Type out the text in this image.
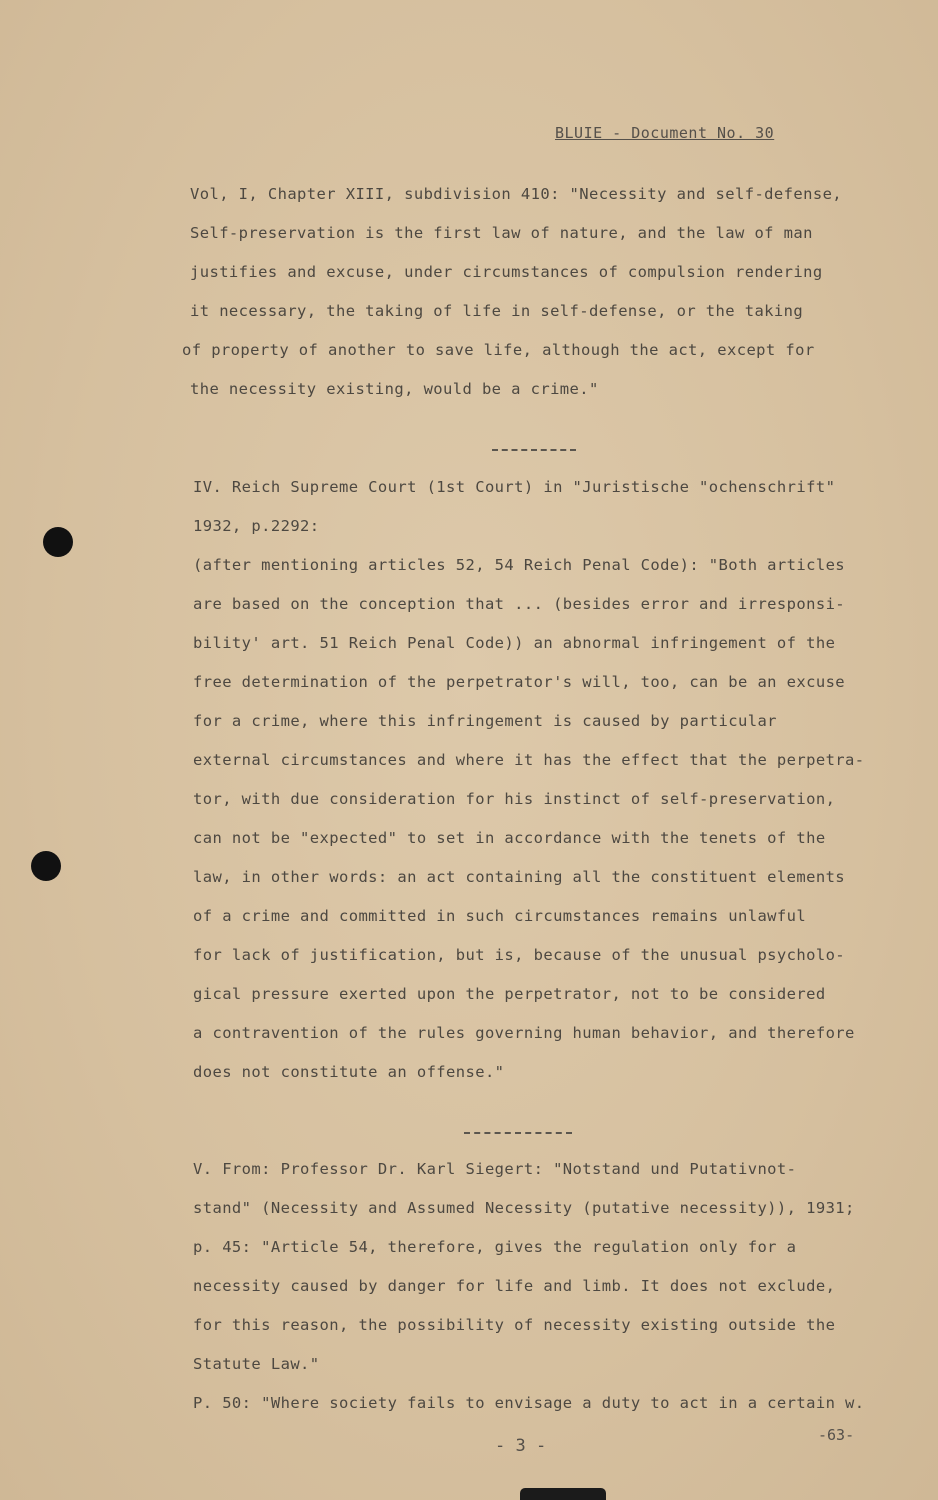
BLUIE - Document No. 30
Vol, I, Chapter XIII, subdivision 410: "Necessity and self-defense,
Self-preservation is the first law of nature, and the law of man
justifies and excuse, under circumstances of compulsion rendering
it necessary, the taking of life in self-defense, or the taking
of property of another to save life, although the act, except for
the necessity existing, would be a crime."
IV. Reich Supreme Court (1st Court) in "Juristische "ochenschrift"
1932, p.2292:
(after mentioning articles 52, 54 Reich Penal Code): "Both articles
are based on the conception that ... (besides error and irresponsi-
bility' art. 51 Reich Penal Code)) an abnormal infringement of the
free determination of the perpetrator's will, too, can be an excuse
for a crime, where this infringement is caused by particular
external circumstances and where it has the effect that the perpetra-
tor, with due consideration for his instinct of self-preservation,
can not be "expected" to set in accordance with the tenets of the
law, in other words: an act containing all the constituent elements
of a crime and committed in such circumstances remains unlawful
for lack of justification, but is, because of the unusual psycholo-
gical pressure exerted upon the perpetrator, not to be considered
a contravention of the rules governing human behavior, and therefore
does not constitute an offense."
V. From: Professor Dr. Karl Siegert: "Notstand und Putativnot-
stand" (Necessity and Assumed Necessity (putative necessity)), 1931;
p. 45: "Article 54, therefore, gives the regulation only for a
necessity caused by danger for life and limb. It does not exclude,
for this reason, the possibility of necessity existing outside the
Statute Law."
P. 50: "Where society fails to envisage a duty to act in a certain w.
- 3 -
-63-
